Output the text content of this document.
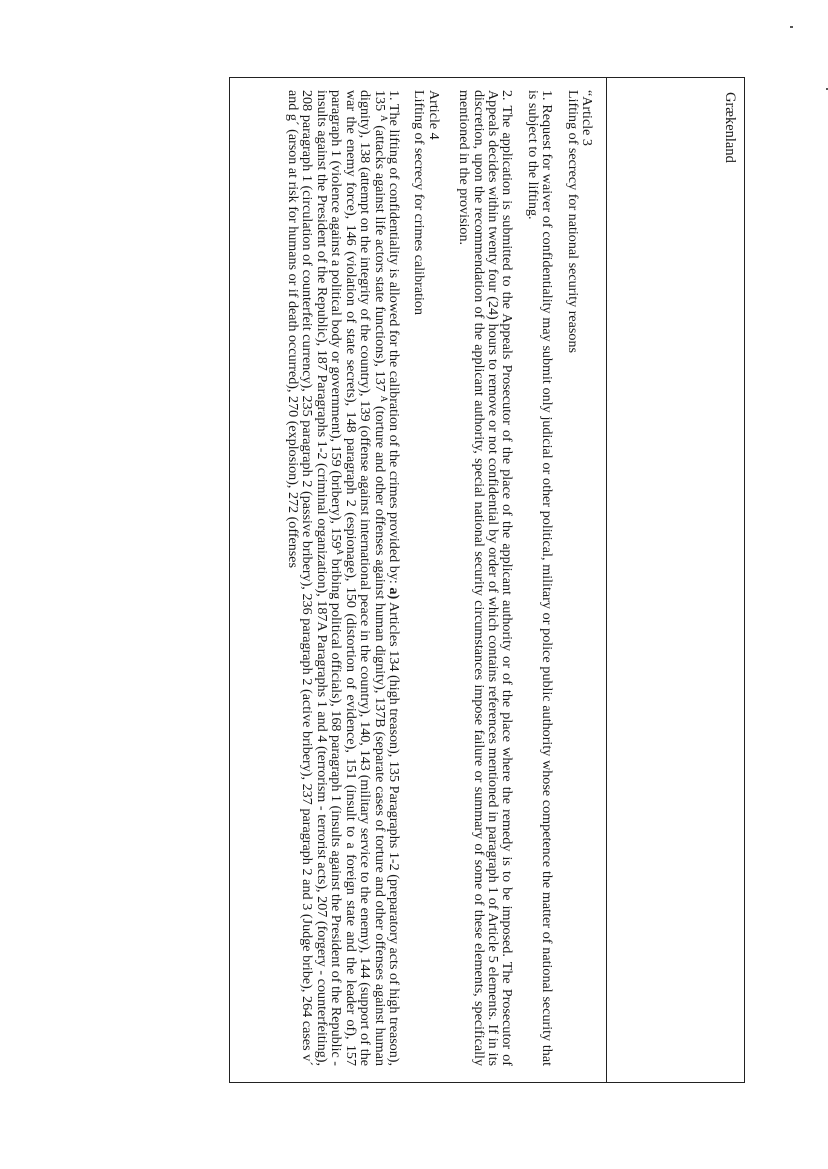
Grækenland

“Article 3

Lifting of secrecy for national security reasons

1. Request for waiver of confidentiality may submit only judicial or other political, military or police public authority whose competence the matter of national security that is subject to the lifting.

2. The application is submitted to the Appeals Prosecutor of the place of the applicant authority or of the place where the remedy is to be imposed. The Prosecutor of Appeals decides within twenty four (24) hours to remove or not confidential by order of which contains references mentioned in paragraph 1 of Article 5 elements. If in its discretion, upon the recommendation of the applicant authority, special national security circumstances impose failure or summary of some of these elements, specifically mentioned in the provision.

Article 4

Lifting of secrecy for crimes calibration

1. The lifting of confidentiality is allowed for the calibration of the crimes provided by: a) Articles 134 (high treason), 135 Paragraphs 1-2 (preparatory acts of high treason), 135 $^A$ (attacks against life actors state functions), 137 $^A$ (torture and other offenses against human dignity), 137B (separate cases of torture and other offenses against human dignity), 138 (attempt on the integrity of the country), 139 (offense against international peace in the country), 140, 143 (military service to the enemy), 144 (support of the war the enemy force), 146 (violation of state secrets), 148 paragraph 2 (espionage), 150 (distortion of evidence), 151 (insult to a foreign state and the leader of), 157 paragraph 1 (violence against a political body or government), 159 (bribery), $159^A$ bribing political officials), 168 paragraph 1 (insults against the President of the Republic - insults against the President of the Republic), 187 Paragraphs 1-2 (criminal organization), 187A Paragraphs 1 and 4 (terrorism - terrorist acts), 207 (forgery - counterfeiting), 208 paragraph 1 (circulation of counterfeit currency), 235 paragraph 2 (passive bribery), 236 paragraph 2 (active bribery), 237 paragraph 2 and 3 (Judge bribe), 264 cases v´ and g´ (arson at risk for humans or if death occurred), 270 (explosion), 272 (offenses
